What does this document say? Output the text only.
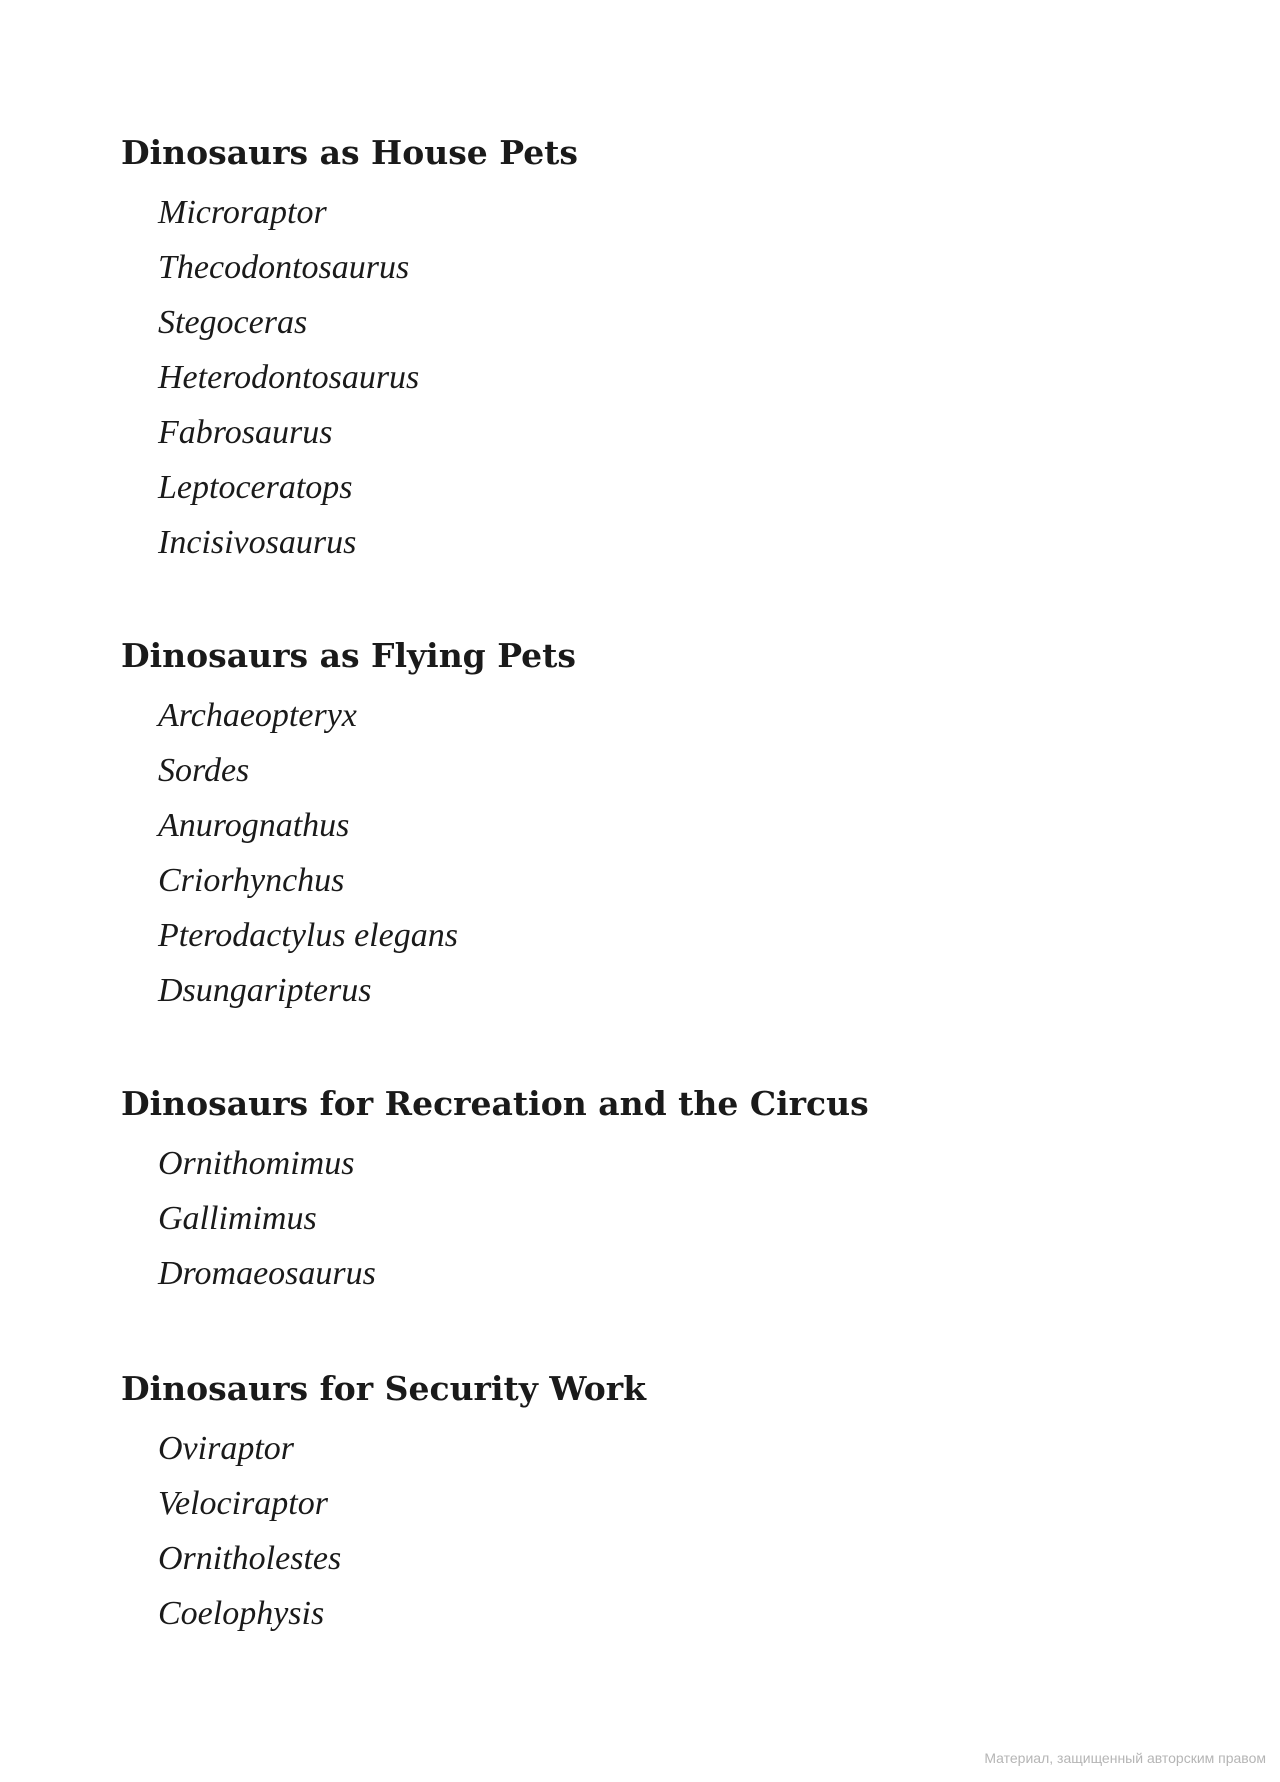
Dinosaurs as House Pets
Microraptor
Thecodontosaurus
Stegoceras
Heterodontosaurus
Fabrosaurus
Leptoceratops
Incisivosaurus
Dinosaurs as Flying Pets
Archaeopteryx
Sordes
Anurognathus
Criorhynchus
Pterodactylus elegans
Dsungaripterus
Dinosaurs for Recreation and the Circus
Ornithomimus
Gallimimus
Dromaeosaurus
Dinosaurs for Security Work
Oviraptor
Velociraptor
Ornitholestes
Coelophysis
Материал, защищенный авторским правом
